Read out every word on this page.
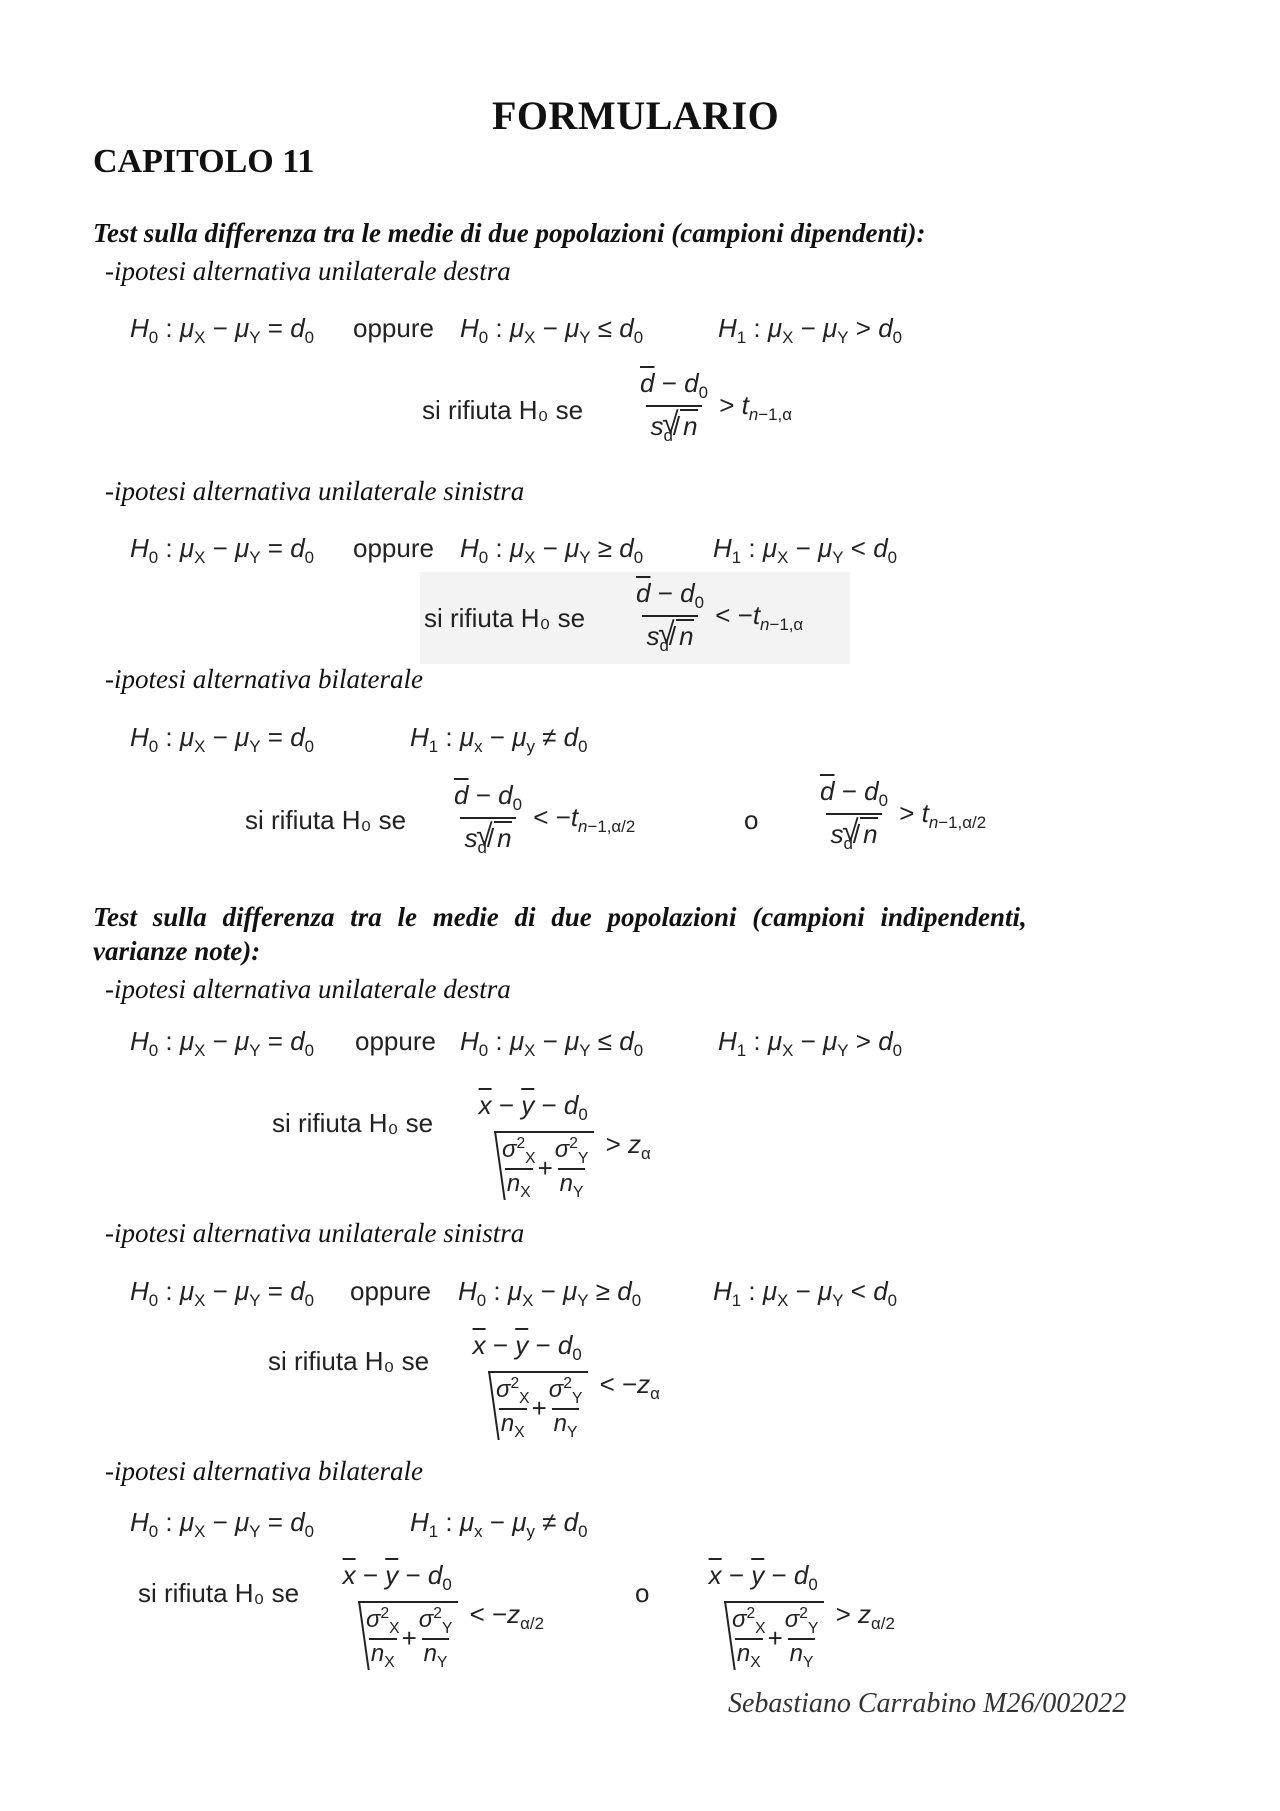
FORMULARIO
CAPITOLO 11
Test sulla differenza tra le medie di due popolazioni (campioni dipendenti):
-ipotesi alternativa unilaterale destra
$H_0$ : $\mu_X - \mu_Y = d_0$ oppure $H_0$ : $\mu_X - \mu_Y \le d_0$	$H_1$ : $\mu_X - \mu_Y > d_0$
si rifiuta H₀ se $\frac{\overline{d} - d_0}{s_d/ √ n} > t_{n-1,\alpha}$
-ipotesi alternativa unilaterale sinistra
$H_0$ : $\mu_X - \mu_Y = d_0$ oppure $H_0$ : $\mu_X - \mu_Y \ge d_0$	$H_1$ : $\mu_X - \mu_Y < d_0$
si rifiuta H₀ se $\frac{\overline{d} - d_0}{s_d/ √ n} < -t_{n-1,\alpha}$
-ipotesi alternativa bilaterale
$H_0$ : $\mu_X - \mu_Y = d_0$	$H_1$ : $\mu_x - \mu_y \ne d_0$
si rifiuta H₀ se $\frac{\overline{d} - d_0}{s_d/ √ n} < -t_{n-1,\alpha/2}$	o $\frac{\overline{d} - d_0}{s_d/ √ n} > t_{n-1,\alpha/2}$
Test sulla differenza tra le medie di due popolazioni (campioni indipendenti,
varianze note):
-ipotesi alternativa unilaterale destra
$H_0$ : $\mu_X - \mu_Y = d_0$ oppure $H_0$ : $\mu_X - \mu_Y \le d_0$	$H_1$ : $\mu_X - \mu_Y > d_0$
si rifiuta H₀ se
$\overline{x} - \overline{y} - d_0$
$\sigma^2_X$
$n_X$
+
$\sigma^2_Y$
$n_Y$
> $z_\alpha$
-ipotesi alternativa unilaterale sinistra
$H_0$ : $\mu_X - \mu_Y = d_0$ oppure $H_0$ : $\mu_X - \mu_Y \ge d_0$	$H_1$ : $\mu_X - \mu_Y < d_0$
si rifiuta H₀ se
$\overline{x} - \overline{y} - d_0$
$\sigma^2_X$
$n_X$
+
$\sigma^2_Y$
$n_Y$
< $-z_\alpha$
-ipotesi alternativa bilaterale
$H_0$ : $\mu_X - \mu_Y = d_0$	$H_1$ : $\mu_x - \mu_y \ne d_0$
si rifiuta H₀ se
$\overline{x} - \overline{y} - d_0$
$\sigma^2_X$
$n_X$
+
$\sigma^2_Y$
$n_Y$
< $-z_{\alpha/2}$
o
$\overline{x} - \overline{y} - d_0$
$\sigma^2_X$
$n_X$
+
$\sigma^2_Y$
$n_Y$
> $z_{\alpha/2}$
Sebastiano Carrabino M26/002022
